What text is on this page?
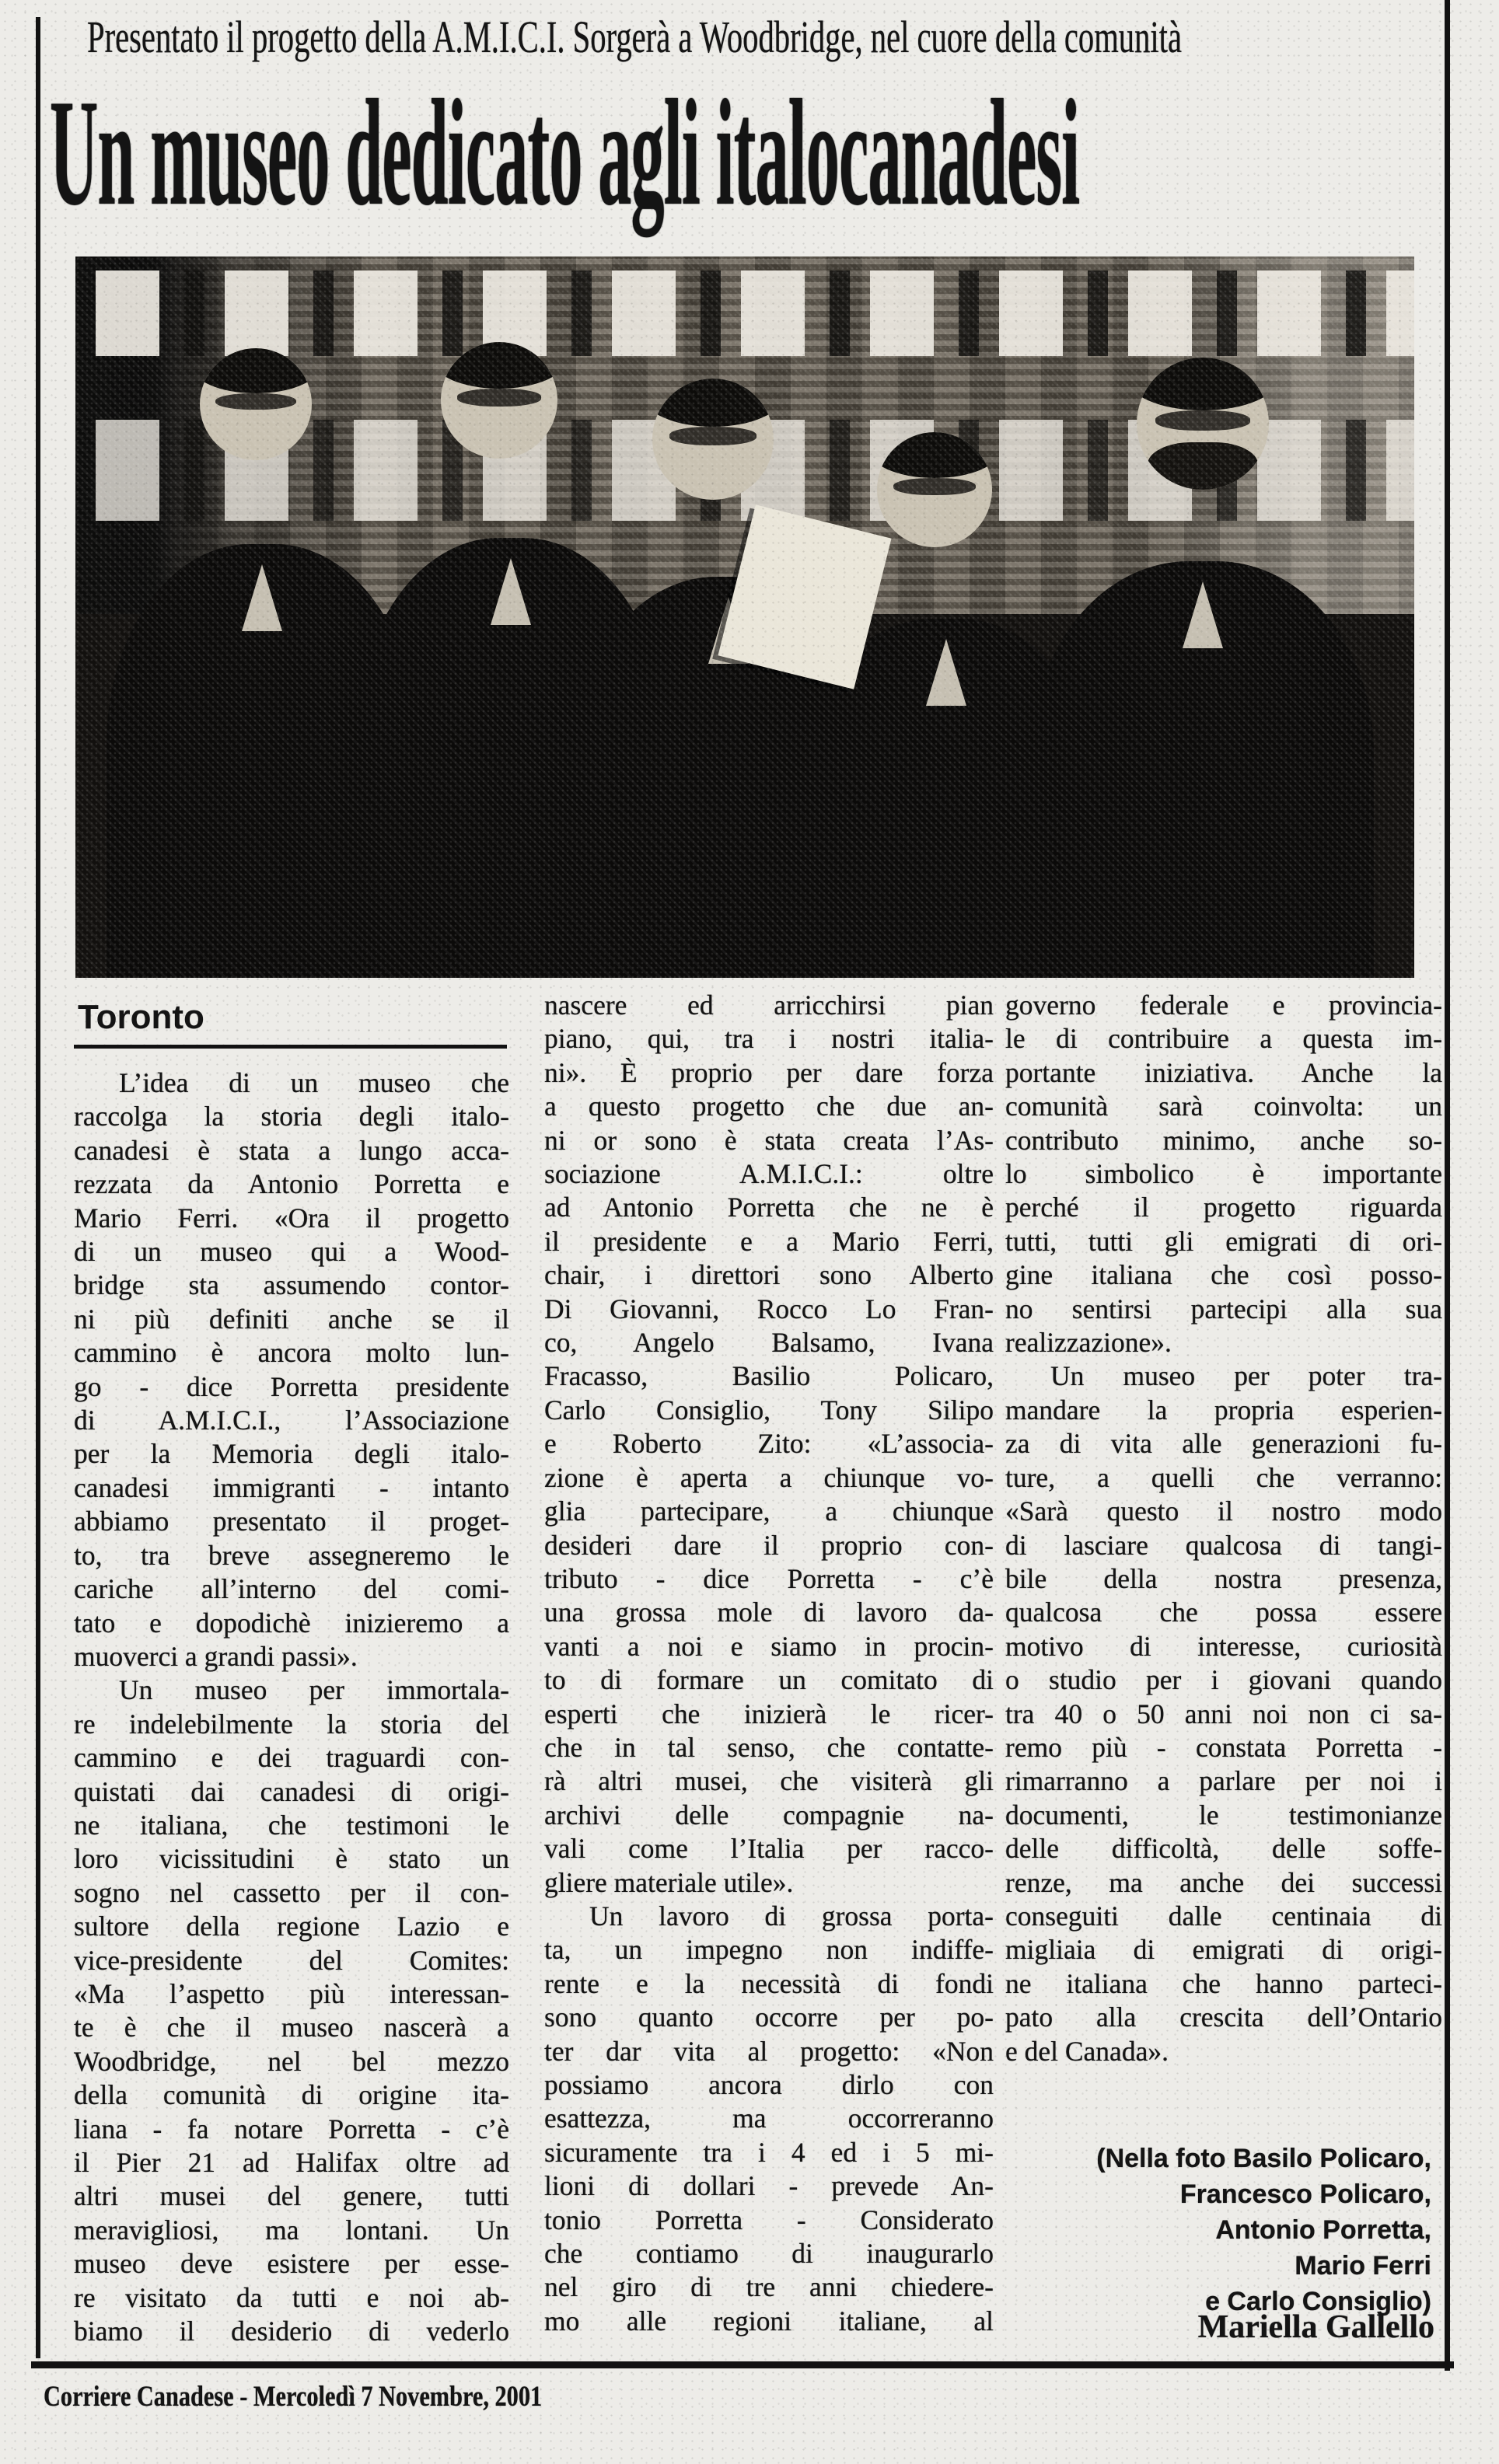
Presentato il progetto della A.M.I.C.I. Sorgerà a Woodbridge, nel cuore della comunità
Un museo dedicato agli italocanadesi
Toronto
L’idea di un museo che
raccolga la storia degli italo-
canadesi è stata a lungo acca-
rezzata da Antonio Porretta e
Mario Ferri. «Ora il progetto
di un museo qui a Wood-
bridge sta assumendo contor-
ni più definiti anche se il
cammino è ancora molto lun-
go - dice Porretta presidente
di A.M.I.C.I., l’Associazione
per la Memoria degli italo-
canadesi immigranti - intanto
abbiamo presentato il proget-
to, tra breve assegneremo le
cariche all’interno del comi-
tato e dopodichè inizieremo a
muoverci a grandi passi».
Un museo per immortala-
re indelebilmente la storia del
cammino e dei traguardi con-
quistati dai canadesi di origi-
ne italiana, che testimoni le
loro vicissitudini è stato un
sogno nel cassetto per il con-
sultore della regione Lazio e
vice-presidente del Comites:
«Ma l’aspetto più interessan-
te è che il museo nascerà a
Woodbridge, nel bel mezzo
della comunità di origine ita-
liana - fa notare Porretta - c’è
il Pier 21 ad Halifax oltre ad
altri musei del genere, tutti
meravigliosi, ma lontani. Un
museo deve esistere per esse-
re visitato da tutti e noi ab-
biamo il desiderio di vederlo
nascere ed arricchirsi pian
piano, qui, tra i nostri italia-
ni». È proprio per dare forza
a questo progetto che due an-
ni or sono è stata creata l’As-
sociazione A.M.I.C.I.: oltre
ad Antonio Porretta che ne è
il presidente e a Mario Ferri,
chair, i direttori sono Alberto
Di Giovanni, Rocco Lo Fran-
co, Angelo Balsamo, Ivana
Fracasso, Basilio Policaro,
Carlo Consiglio, Tony Silipo
e Roberto Zito: «L’associa-
zione è aperta a chiunque vo-
glia partecipare, a chiunque
desideri dare il proprio con-
tributo - dice Porretta - c’è
una grossa mole di lavoro da-
vanti a noi e siamo in procin-
to di formare un comitato di
esperti che inizierà le ricer-
che in tal senso, che contatte-
rà altri musei, che visiterà gli
archivi delle compagnie na-
vali come l’Italia per racco-
gliere materiale utile».
Un lavoro di grossa porta-
ta, un impegno non indiffe-
rente e la necessità di fondi
sono quanto occorre per po-
ter dar vita al progetto: «Non
possiamo ancora dirlo con
esattezza, ma occorreranno
sicuramente tra i 4 ed i 5 mi-
lioni di dollari - prevede An-
tonio Porretta - Considerato
che contiamo di inaugurarlo
nel giro di tre anni chiedere-
mo alle regioni italiane, al
governo federale e provincia-
le di contribuire a questa im-
portante iniziativa. Anche la
comunità sarà coinvolta: un
contributo minimo, anche so-
lo simbolico è importante
perché il progetto riguarda
tutti, tutti gli emigrati di ori-
gine italiana che così posso-
no sentirsi partecipi alla sua
realizzazione».
Un museo per poter tra-
mandare la propria esperien-
za di vita alle generazioni fu-
ture, a quelli che verranno:
«Sarà questo il nostro modo
di lasciare qualcosa di tangi-
bile della nostra presenza,
qualcosa che possa essere
motivo di interesse, curiosità
o studio per i giovani quando
tra 40 o 50 anni noi non ci sa-
remo più - constata Porretta -
rimarranno a parlare per noi i
documenti, le testimonianze
delle difficoltà, delle soffe-
renze, ma anche dei successi
conseguiti dalle centinaia di
migliaia di emigrati di origi-
ne italiana che hanno parteci-
pato alla crescita dell’Ontario
e del Canada».
(Nella foto Basilo Policaro,
Francesco Policaro,
Antonio Porretta,
Mario Ferri
e Carlo Consiglio)
Mariella Gallello
Corriere Canadese - Mercoledì 7 Novembre, 2001
